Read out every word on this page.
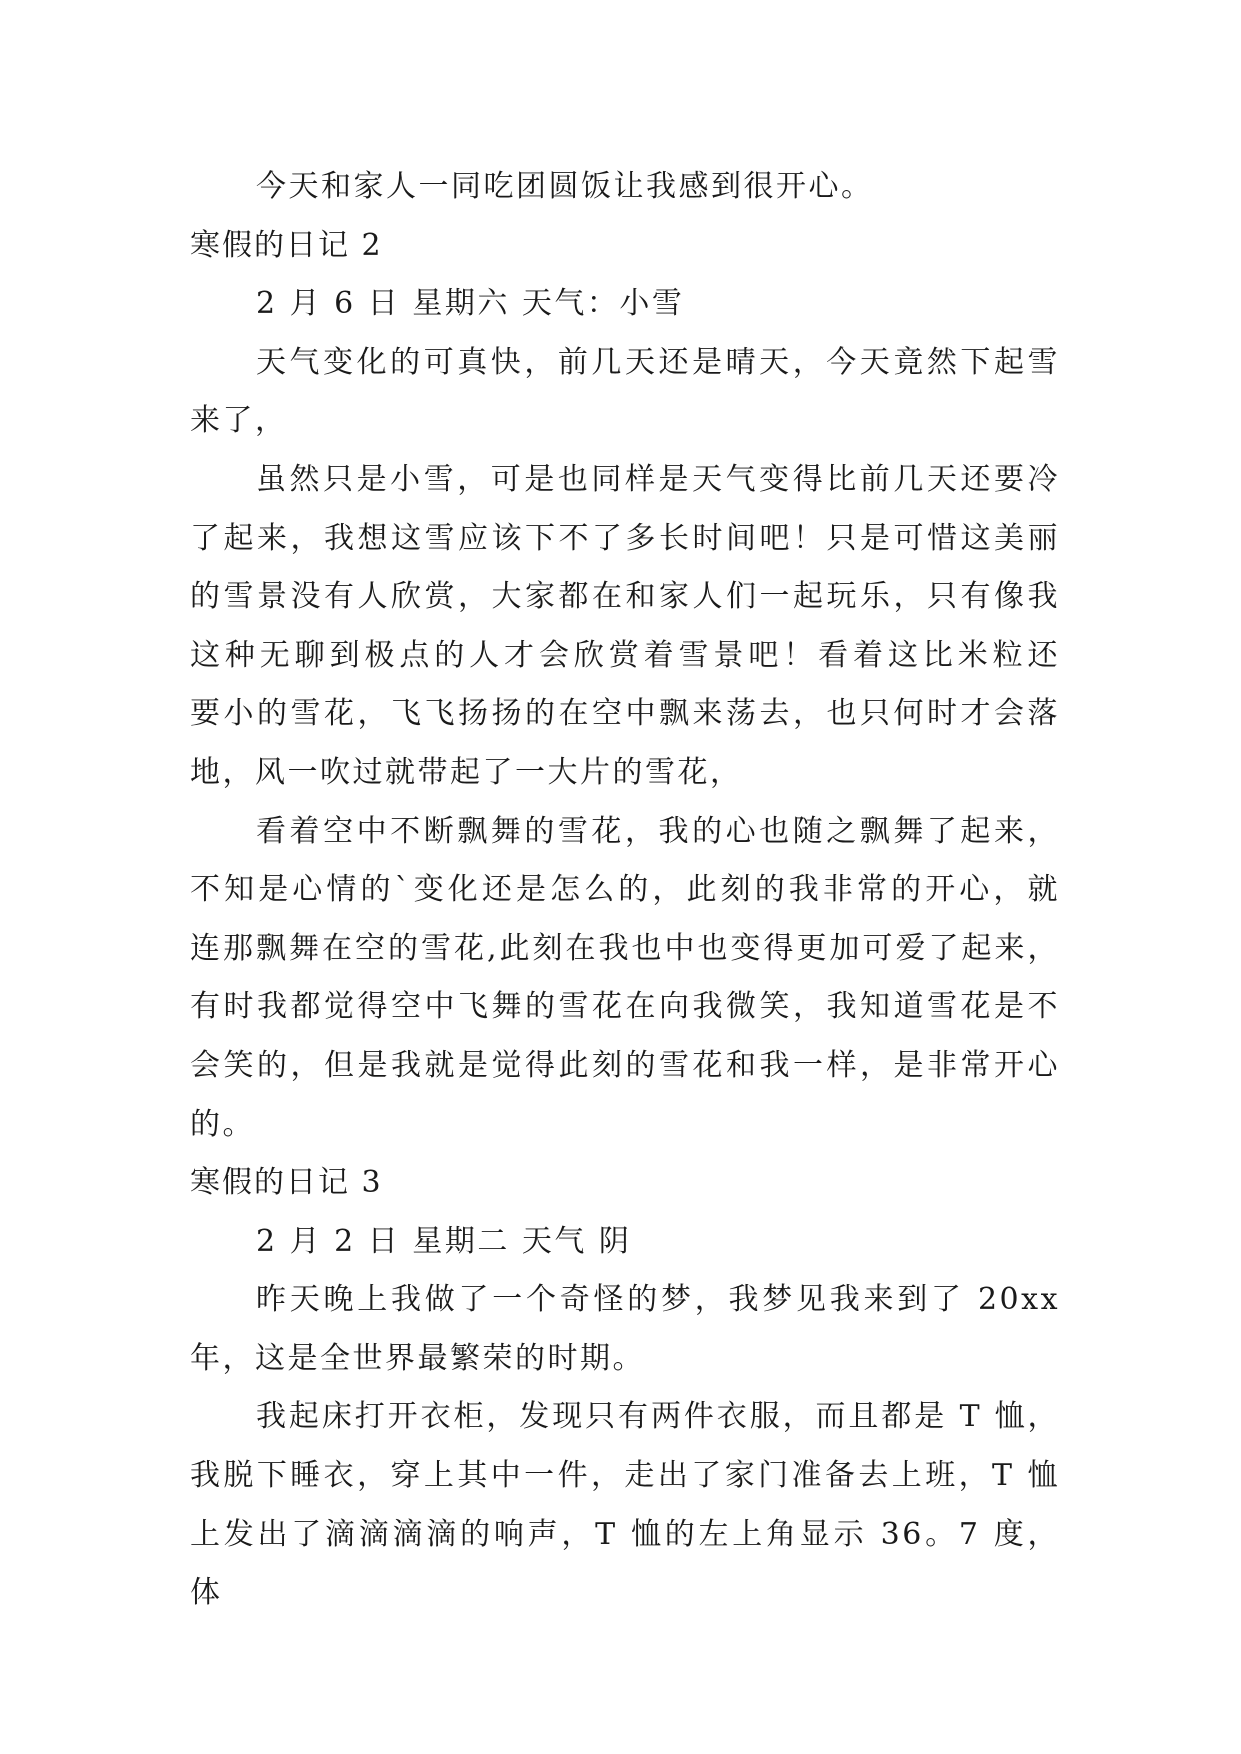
今天和家人一同吃团圆饭让我感到很开心。
寒假的日记 2
2 月 6 日 星期六 天气：小雪
天气变化的可真快，前几天还是晴天，今天竟然下起雪
来了，
虽然只是小雪，可是也同样是天气变得比前几天还要冷
了起来，我想这雪应该下不了多长时间吧！只是可惜这美丽
的雪景没有人欣赏，大家都在和家人们一起玩乐，只有像我
这种无聊到极点的人才会欣赏着雪景吧！看着这比米粒还
要小的雪花，飞飞扬扬的在空中飘来荡去，也只何时才会落
地，风一吹过就带起了一大片的雪花，
看着空中不断飘舞的雪花，我的心也随之飘舞了起来，
不知是心情的`变化还是怎么的，此刻的我非常的开心，就
连那飘舞在空的雪花,此刻在我也中也变得更加可爱了起来，
有时我都觉得空中飞舞的雪花在向我微笑，我知道雪花是不
会笑的，但是我就是觉得此刻的雪花和我一样，是非常开心
的。
寒假的日记 3
2 月 2 日 星期二 天气 阴
昨天晚上我做了一个奇怪的梦，我梦见我来到了 20xx
年，这是全世界最繁荣的时期。
我起床打开衣柜，发现只有两件衣服，而且都是 T 恤，
我脱下睡衣，穿上其中一件，走出了家门准备去上班，T 恤
上发出了滴滴滴滴的响声，T 恤的左上角显示 36。7 度，体
